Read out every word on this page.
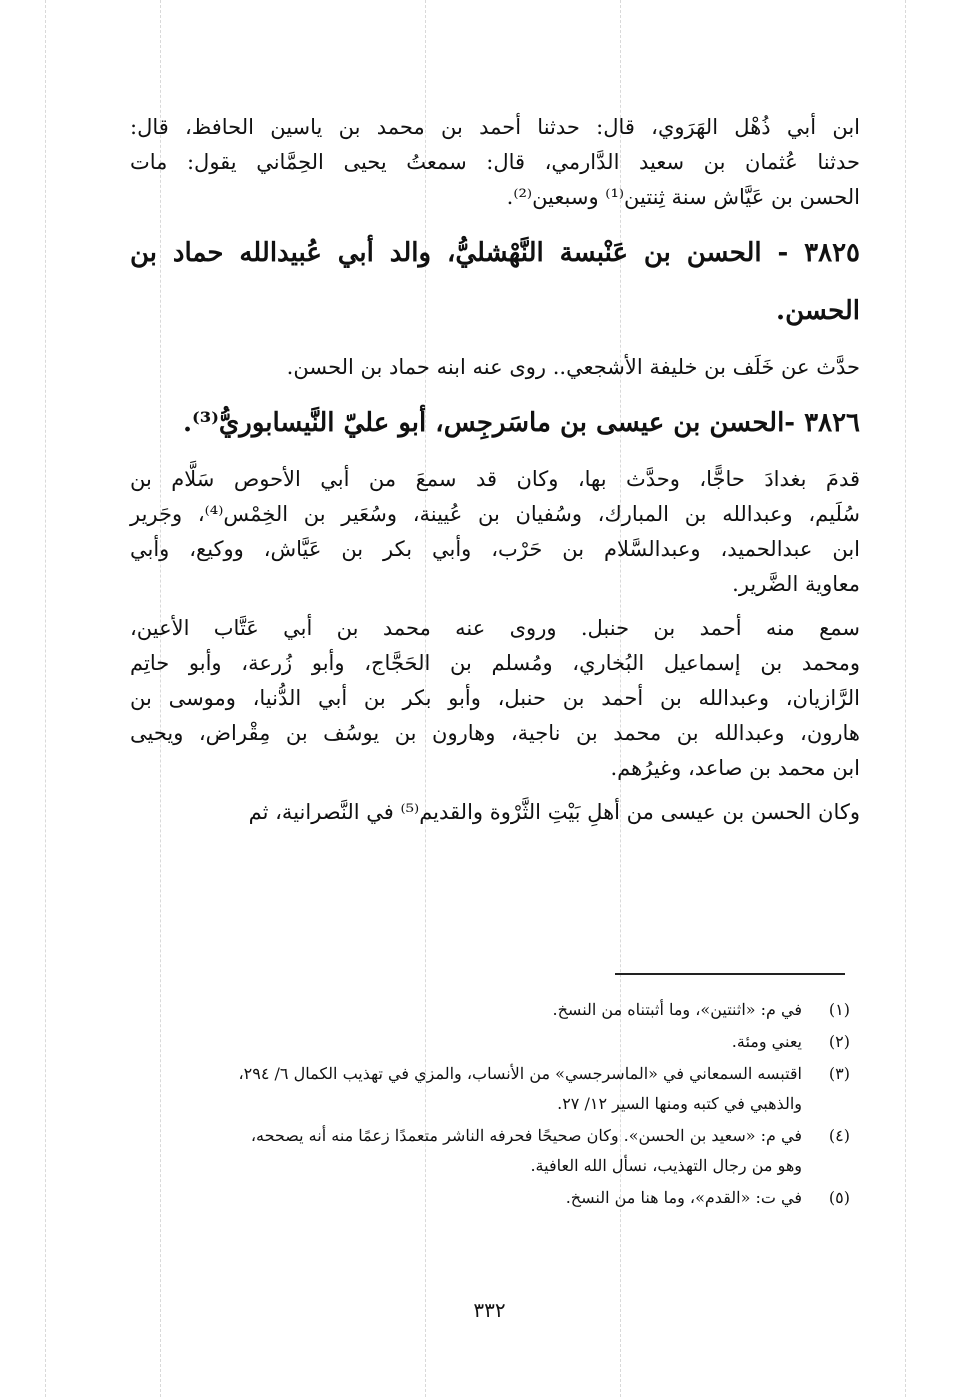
ابن أبي ذُهْل الهَرَوي، قال: حدثنا أحمد بن محمد بن ياسين الحافظ، قال:
حدثنا عُثمان بن سعيد الدَّارمي، قال: سمعتُ يحيى الحِمَّاني يقول: مات
الحسن بن عَيَّاش سنة ثِنتين⁽¹⁾ وسبعين⁽²⁾.
٣٨٢٥ - الحسن بن عَنْبسة النَّهْشليُّ، والد أبي عُبيدالله حماد بن
الحسن.
حدَّث عن خَلَف بن خليفة الأشجعي.. روى عنه ابنه حماد بن الحسن.
٣٨٢٦ -الحسن بن عيسى بن ماسَرجِس، أبو عليّ النَّيسابوريُّ⁽³⁾.
قدمَ بغدادَ حاجًّا، وحدَّث بها، وكان قد سمعَ من أبي الأحوص سَلَّام بن
سُلَيم، وعبدالله بن المبارك، وسُفيان بن عُيينة، وسُعَير بن الخِمْس⁽⁴⁾، وجَرير
ابن عبدالحميد، وعبدالسَّلام بن حَرْب، وأبي بكر بن عَيَّاش، ووكيع، وأبي
معاوية الضَّرير.
سمع منه أحمد بن حنبل. وروى عنه محمد بن أبي عَتَّاب الأعين،
ومحمد بن إسماعيل البُخاري، ومُسلم بن الحَجَّاج، وأبو زُرعة، وأبو حاتِم
الرَّازيان، وعبدالله بن أحمد بن حنبل، وأبو بكر بن أبي الدُّنيا، وموسى بن
هارون، وعبدالله بن محمد بن ناجية، وهارون بن يوسُف بن مِقْراض، ويحيى
ابن محمد بن صاعد، وغيرُهم.
وكان الحسن بن عيسى من أهلِ بَيْتِ الثَّرْوة والقديم⁽⁵⁾ في النَّصرانية، ثم
(١)
في م: «اثنتين»، وما أثبتناه من النسخ.
(٢)
يعني ومئة.
(٣)
اقتبسه السمعاني في «الماسرجسي» من الأنساب، والمزي في تهذيب الكمال ٦/ ٢٩٤،
والذهبي في كتبه ومنها السير ١٢/ ٢٧.
(٤)
في م: «سعيد بن الحسن». وكان صحيحًا فحرفه الناشر متعمدًا زعمًا منه أنه يصححه،
وهو من رجال التهذيب، نسأل الله العافية.
(٥)
في ت: «القدم»، وما هنا من النسخ.
٣٣٢
